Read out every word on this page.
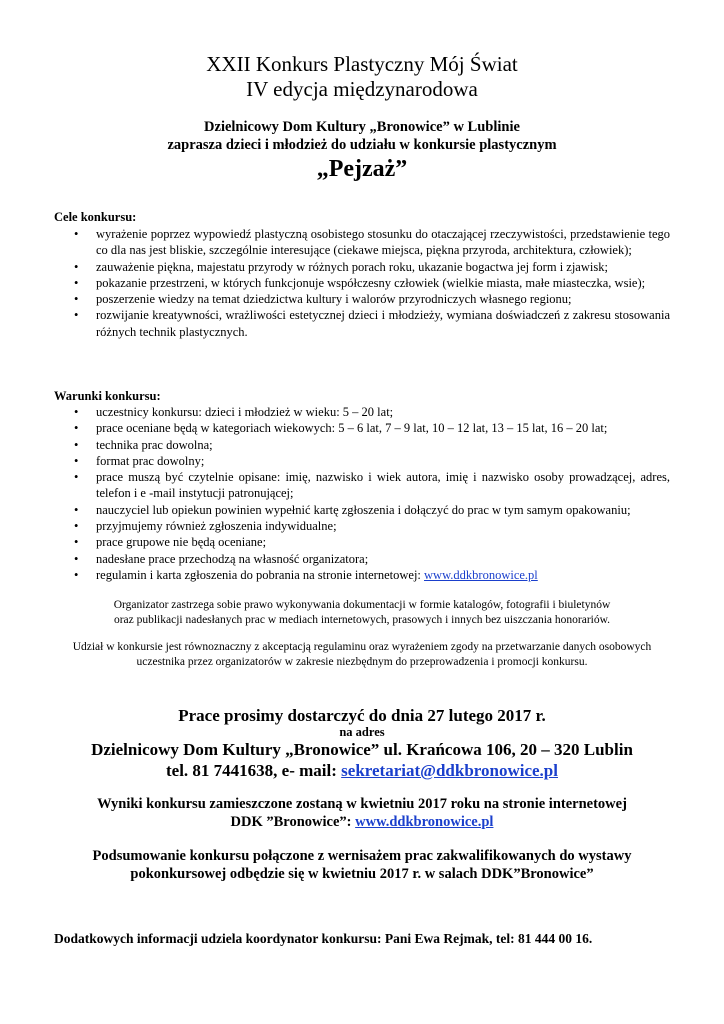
XXII Konkurs Plastyczny Mój Świat
IV edycja międzynarodowa
Dzielnicowy Dom Kultury „Bronowice” w Lublinie
zaprasza dzieci i młodzież do udziału w konkursie plastycznym
„Pejzaż”
Cele konkursu:
• wyrażenie poprzez wypowiedź plastyczną osobistego stosunku do otaczającej rzeczywistości, przedstawienie tego co dla nas jest bliskie, szczególnie interesujące (ciekawe miejsca, piękna przyroda, architektura, człowiek);
• zauważenie piękna, majestatu przyrody w różnych porach roku, ukazanie bogactwa jej form i zjawisk;
• pokazanie przestrzeni, w których funkcjonuje współczesny człowiek (wielkie miasta, małe miasteczka, wsie);
• poszerzenie wiedzy na temat dziedzictwa kultury i walorów przyrodniczych własnego regionu;
• rozwijanie kreatywności, wrażliwości estetycznej dzieci i młodzieży, wymiana doświadczeń z zakresu stosowania różnych technik plastycznych.
Warunki konkursu:
• uczestnicy konkursu: dzieci i młodzież w wieku: 5 – 20 lat;
• prace oceniane będą w kategoriach wiekowych: 5 – 6 lat, 7 – 9 lat, 10 – 12 lat, 13 – 15 lat, 16 – 20 lat;
• technika prac dowolna;
• format prac dowolny;
• prace muszą być czytelnie opisane: imię, nazwisko i wiek autora, imię i nazwisko osoby prowadzącej, adres, telefon i e -mail instytucji patronującej;
• nauczyciel lub opiekun powinien wypełnić kartę zgłoszenia i dołączyć do prac w tym samym opakowaniu;
• przyjmujemy również zgłoszenia indywidualne;
• prace grupowe nie będą oceniane;
• nadesłane prace przechodzą na własność organizatora;
• regulamin i karta zgłoszenia do pobrania na stronie internetowej: www.ddkbronowice.pl
Organizator zastrzega sobie prawo wykonywania dokumentacji w formie katalogów, fotografii i biuletynów
oraz publikacji nadesłanych prac w mediach internetowych, prasowych i innych bez uiszczania honorariów.
Udział w konkursie jest równoznaczny z akceptacją regulaminu oraz wyrażeniem zgody na przetwarzanie danych osobowych
uczestnika przez organizatorów w zakresie niezbędnym do przeprowadzenia i promocji konkursu.
Prace prosimy dostarczyć do dnia 27 lutego 2017 r.
na adres
Dzielnicowy Dom Kultury „Bronowice” ul. Krańcowa 106, 20 – 320 Lublin
tel. 81 7441638, e- mail: sekretariat@ddkbronowice.pl
Wyniki konkursu zamieszczone zostaną w kwietniu 2017 roku na stronie internetowej
DDK ”Bronowice”: www.ddkbronowice.pl
Podsumowanie konkursu połączone z wernisażem prac zakwalifikowanych do wystawy
pokonkursowej odbędzie się w kwietniu 2017 r. w salach DDK”Bronowice”
Dodatkowych informacji udziela koordynator konkursu: Pani Ewa Rejmak, tel: 81 444 00 16.
